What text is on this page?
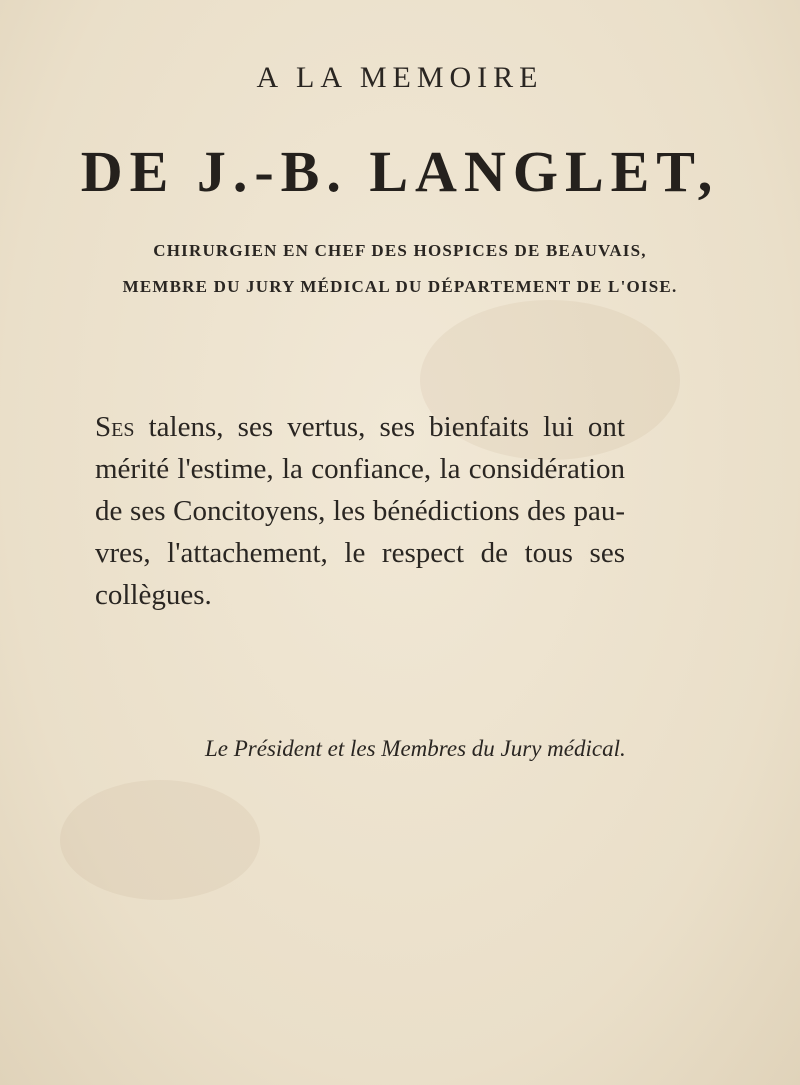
A LA MEMOIRE
DE J.-B. LANGLET,
CHIRURGIEN EN CHEF DES HOSPICES DE BEAUVAIS,
MEMBRE DU JURY MÉDICAL DU DÉPARTEMENT DE L'OISE.
Ses talens, ses vertus, ses bienfaits lui ont
mérité l'estime, la confiance, la considération
de ses Concitoyens, les bénédictions des pau-
vres, l'attachement, le respect de tous ses
collègues.
Le Président et les Membres du Jury médical.
